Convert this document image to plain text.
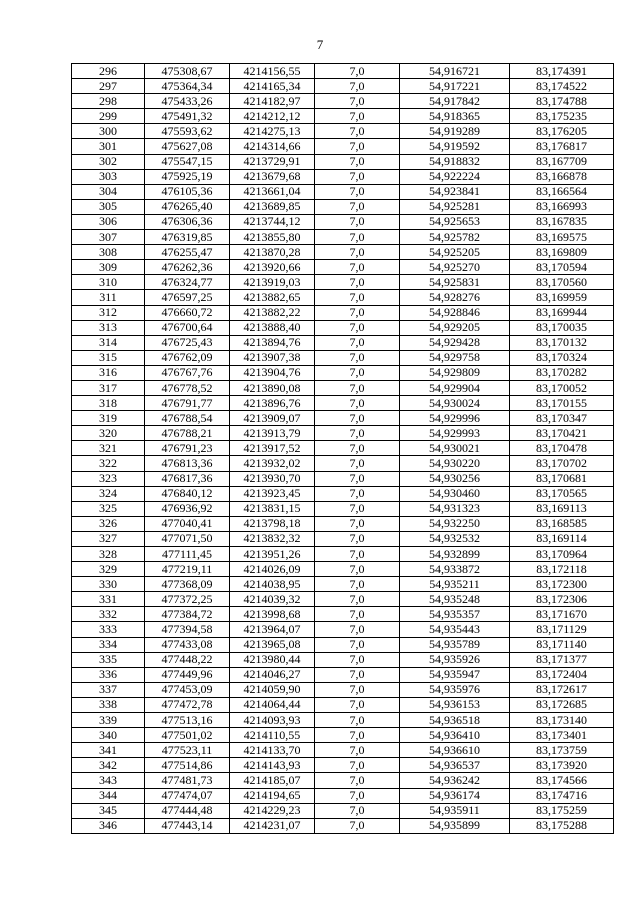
7
296	475308,67	4214156,55	7,0	54,916721	83,174391
297	475364,34	4214165,34	7,0	54,917221	83,174522
298	475433,26	4214182,97	7,0	54,917842	83,174788
299	475491,32	4214212,12	7,0	54,918365	83,175235
300	475593,62	4214275,13	7,0	54,919289	83,176205
301	475627,08	4214314,66	7,0	54,919592	83,176817
302	475547,15	4213729,91	7,0	54,918832	83,167709
303	475925,19	4213679,68	7,0	54,922224	83,166878
304	476105,36	4213661,04	7,0	54,923841	83,166564
305	476265,40	4213689,85	7,0	54,925281	83,166993
306	476306,36	4213744,12	7,0	54,925653	83,167835
307	476319,85	4213855,80	7,0	54,925782	83,169575
308	476255,47	4213870,28	7,0	54,925205	83,169809
309	476262,36	4213920,66	7,0	54,925270	83,170594
310	476324,77	4213919,03	7,0	54,925831	83,170560
311	476597,25	4213882,65	7,0	54,928276	83,169959
312	476660,72	4213882,22	7,0	54,928846	83,169944
313	476700,64	4213888,40	7,0	54,929205	83,170035
314	476725,43	4213894,76	7,0	54,929428	83,170132
315	476762,09	4213907,38	7,0	54,929758	83,170324
316	476767,76	4213904,76	7,0	54,929809	83,170282
317	476778,52	4213890,08	7,0	54,929904	83,170052
318	476791,77	4213896,76	7,0	54,930024	83,170155
319	476788,54	4213909,07	7,0	54,929996	83,170347
320	476788,21	4213913,79	7,0	54,929993	83,170421
321	476791,23	4213917,52	7,0	54,930021	83,170478
322	476813,36	4213932,02	7,0	54,930220	83,170702
323	476817,36	4213930,70	7,0	54,930256	83,170681
324	476840,12	4213923,45	7,0	54,930460	83,170565
325	476936,92	4213831,15	7,0	54,931323	83,169113
326	477040,41	4213798,18	7,0	54,932250	83,168585
327	477071,50	4213832,32	7,0	54,932532	83,169114
328	477111,45	4213951,26	7,0	54,932899	83,170964
329	477219,11	4214026,09	7,0	54,933872	83,172118
330	477368,09	4214038,95	7,0	54,935211	83,172300
331	477372,25	4214039,32	7,0	54,935248	83,172306
332	477384,72	4213998,68	7,0	54,935357	83,171670
333	477394,58	4213964,07	7,0	54,935443	83,171129
334	477433,08	4213965,08	7,0	54,935789	83,171140
335	477448,22	4213980,44	7,0	54,935926	83,171377
336	477449,96	4214046,27	7,0	54,935947	83,172404
337	477453,09	4214059,90	7,0	54,935976	83,172617
338	477472,78	4214064,44	7,0	54,936153	83,172685
339	477513,16	4214093,93	7,0	54,936518	83,173140
340	477501,02	4214110,55	7,0	54,936410	83,173401
341	477523,11	4214133,70	7,0	54,936610	83,173759
342	477514,86	4214143,93	7,0	54,936537	83,173920
343	477481,73	4214185,07	7,0	54,936242	83,174566
344	477474,07	4214194,65	7,0	54,936174	83,174716
345	477444,48	4214229,23	7,0	54,935911	83,175259
346	477443,14	4214231,07	7,0	54,935899	83,175288
